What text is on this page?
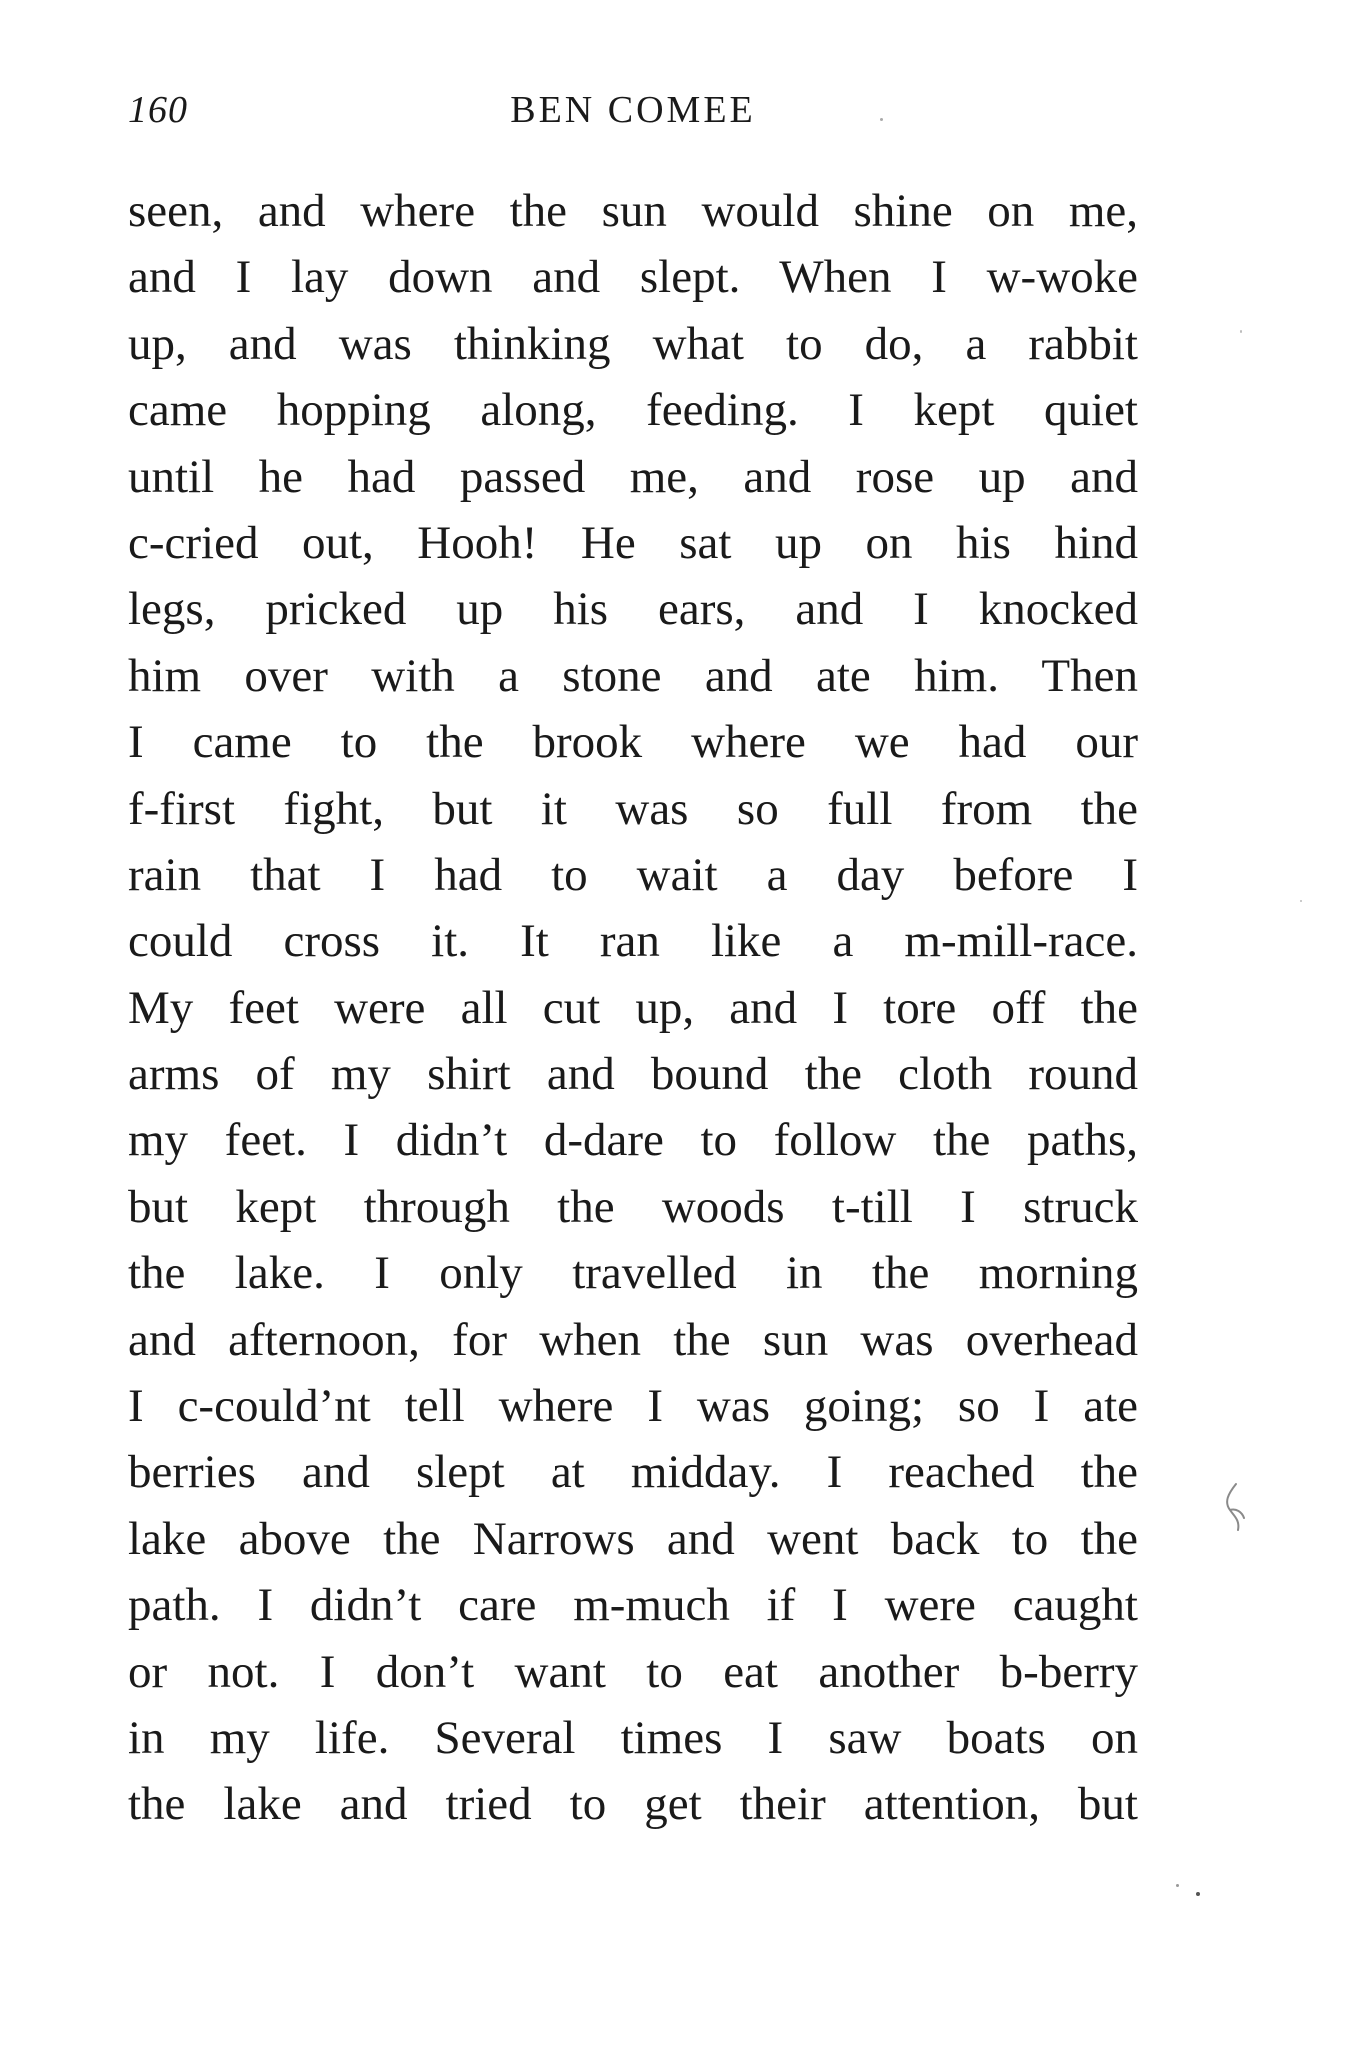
160	BEN COMEE
seen, and where the sun would shine on me,
and I lay down and slept. When I w-woke
up, and was thinking what to do, a rabbit
came hopping along, feeding. I kept quiet
until he had passed me, and rose up and
c-cried out, Hooh! He sat up on his hind
legs, pricked up his ears, and I knocked
him over with a stone and ate him. Then
I came to the brook where we had our
f-first fight, but it was so full from the
rain that I had to wait a day before I
could cross it. It ran like a m-mill-race.
My feet were all cut up, and I tore off the
arms of my shirt and bound the cloth round
my feet. I didn’t d-dare to follow the paths,
but kept through the woods t-till I struck
the lake. I only travelled in the morning
and afternoon, for when the sun was overhead
I c-could’nt tell where I was going; so I ate
berries and slept at midday. I reached the
lake above the Narrows and went back to the
path. I didn’t care m-much if I were caught
or not. I don’t want to eat another b-berry
in my life. Several times I saw boats on
the lake and tried to get their attention, but
